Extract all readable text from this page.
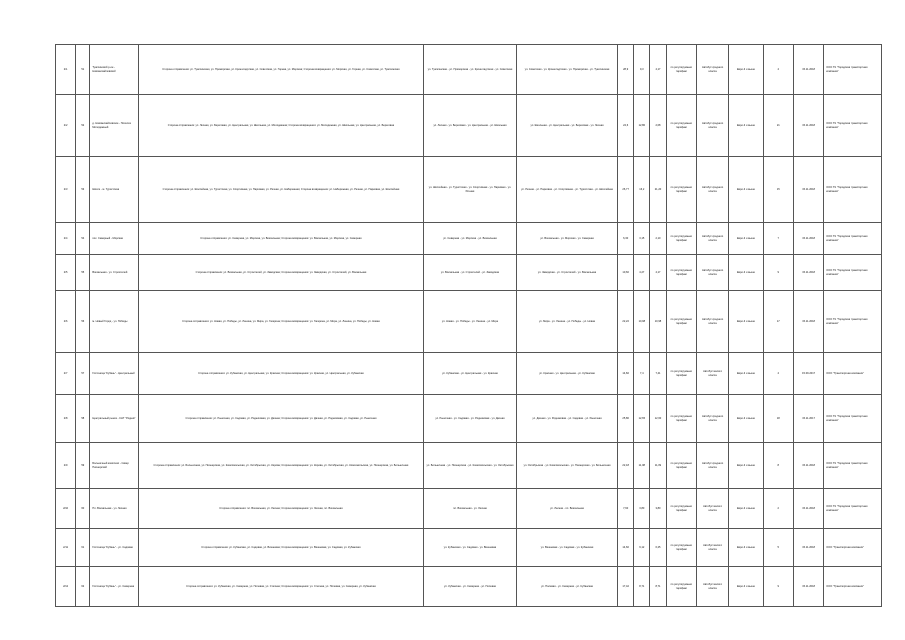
2/1	51	Туапсинский р-он - Новомихайловский	Сторона отправления: ул. Туапсинская, ул. Приморская, ул. Кронштадтская, ул. Советская, ул. Горная, ул. Морская; Сторона возвращения: ул. Морская, ул. Горная, ул. Советская, ул. Туапсинская	ул. Туапсинская - ул. Приморская - ул. Кронштадтская - ул. Советская	ул. Советская - ул. Кронштадтская - ул. Приморская - ул. Туапсинская	28,9	9,3	4,17	по регулируемым тарифам	Автобус среднего класса	Евро-3 и выше	4	15.11.2018	ООО ТК "Городская транспортная компания"
2/2	52	д. Новомихайловское - Поселок Молодежный	Сторона отправления: ул. Лесная, ул. Береговая, ул. Центральная, ул. Школьная, ул. Молодежная; Сторона возвращения: ул. Молодежная, ул. Школьная, ул. Центральная, ул. Береговая	ул. Лесная - ул. Береговая - ул. Центральная - ул. Школьная	ул. Школьная - ул. Центральная - ул. Береговая - ул. Лесная	24,6	12,80	2,08	по регулируемым тарифам	Автобус среднего класса	Евро-3 и выше	21	15.11.2018	ООО ТК "Городская транспортная компания"
2/3	53	Шоссе - м. Туристская	Сторона отправления: ул. Шоссейная, ул. Туристская, ул. Спортивная, ул. Парковая, ул. Речная, ул. Набережная; Сторона возвращения: ул. Набережная, ул. Речная, ул. Парковая, ул. Шоссейная	ул. Шоссейная - ул. Туристская - ул. Спортивная - ул. Парковая - ул. Речная	ул. Речная - ул. Парковая - ул. Спортивная - ул. Туристская - ул. Шоссейная	26,77	16,2	21,20	по регулируемым тарифам	Автобус среднего класса	Евро-3 и выше	15	15.11.2018	ООО ТК "Городская транспортная компания"
2/4	54	пос. Северный - Морская	Сторона отправления: ул. Северная, ул. Морская, ул. Вокзальная; Сторона возвращения: ул. Вокзальная, ул. Морская, ул. Северная	ул. Северная - ул. Морская - ул. Вокзальная	ул. Вокзальная - ул. Морская - ул. Северная	6,30	3,15	2,10	по регулируемым тарифам	Автобус среднего класса	Евро-3 и выше	7	15.11.2018	ООО ТК "Городская транспортная компания"
2/5	55	Вокзальная - ул. Строителей	Сторона отправления: ул. Вокзальная, ул. Строителей, ул. Заводская; Сторона возвращения: ул. Заводская, ул. Строителей, ул. Вокзальная	ул. Вокзальная - ул. Строителей - ул. Заводская	ул. Заводская - ул. Строителей - ул. Вокзальная	10,60	4,27	4,17	по регулируемым тарифам	Автобус среднего класса	Евро-3 и выше	9	15.11.2018	ООО ТК "Городская транспортная компания"
2/6	56	м. Новый Город - ул. Победы	Сторона отправления: ул. Новая, ул. Победы, ул. Ленина, ул. Мира, ул. Гагарина; Сторона возвращения: ул. Гагарина, ул. Мира, ул. Ленина, ул. Победы, ул. Новая	ул. Новая - ул. Победы - ул. Ленина - ул. Мира	ул. Мира - ул. Ленина - ул. Победы - ул. Новая	22,22	10,98	10,98	по регулируемым тарифам	Автобус среднего класса	Евро-3 и выше	17	15.11.2018	ООО ТК "Городская транспортная компания"
2/7	57	Гостиница "Кубань" - Центральный	Сторона отправления: ул. Кубанская, ул. Центральная, ул. Красная; Сторона возвращения: ул. Красная, ул. Центральная, ул. Кубанская	ул. Кубанская - ул. Центральная - ул. Красная	ул. Красная - ул. Центральная - ул. Кубанская	14,82	7,4	7,41	по регулируемым тарифам	Автобус малого класса	Евро-3 и выше	4	15.09.2017	ООО "Транспортная компания"
2/8	58	Центральный рынок - СНТ "Родник"	Сторона отправления: ул. Рыночная, ул. Садовая, ул. Родниковая, ул. Дачная; Сторона возвращения: ул. Дачная, ул. Родниковая, ул. Садовая, ул. Рыночная	ул. Рыночная - ул. Садовая - ул. Родниковая - ул. Дачная	ул. Дачная - ул. Родниковая - ул. Садовая - ул. Рыночная	25,80	12,65	12,60	по регулируемым тарифам	Автобус среднего класса	Евро-3 и выше	18	15.11.2017	ООО ТК "Городская транспортная компания"
2/9	59	Больничный комплекс - Сквер Пионерский	Сторона отправления: ул. Больничная, ул. Пионерская, ул. Комсомольская, ул. Октябрьская, ул. Кирова; Сторона возвращения: ул. Кирова, ул. Октябрьская, ул. Комсомольская, ул. Пионерская, ул. Больничная	ул. Больничная - ул. Пионерская - ул. Комсомольская - ул. Октябрьская	ул. Октябрьская - ул. Комсомольская - ул. Пионерская - ул. Больничная	22,18	11,08	11,09	по регулируемым тарифам	Автобус среднего класса	Евро-3 и выше	8	15.11.2018	ООО ТК "Городская транспортная компания"
2/10	60	Пл. Вокзальная - ул. Лесная	Сторона отправления: пл. Вокзальная, ул. Лесная; Сторона возвращения: ул. Лесная, пл. Вокзальная	пл. Вокзальная - ул. Лесная	ул. Лесная - пл. Вокзальная	7,60	3,80	3,80	по регулируемым тарифам	Автобус малого класса	Евро-3 и выше	2	15.11.2018	ООО ТК "Городская транспортная компания"
2/11	61	Гостиница "Кубань" - ул. Садовая	Сторона отправления: ул. Кубанская, ул. Садовая, ул. Вишневая; Сторона возвращения: ул. Вишневая, ул. Садовая, ул. Кубанская	ул. Кубанская - ул. Садовая - ул. Вишневая	ул. Вишневая - ул. Садовая - ул. Кубанская	14,60	9,12	6,25	по регулируемым тарифам	Автобус малого класса	Евро-3 и выше	5	15.11.2018	ООО "Транспортная компания"
2/12	62	Гостиница "Кубань" - ул. Северная	Сторона отправления: ул. Кубанская, ул. Северная, ул. Полевая, ул. Степная; Сторона возвращения: ул. Степная, ул. Полевая, ул. Северная, ул. Кубанская	ул. Кубанская - ул. Северная - ул. Полевая	ул. Полевая - ул. Северная - ул. Кубанская	17,42	8,71	8,71	по регулируемым тарифам	Автобус малого класса	Евро-3 и выше	9	15.11.2018	ООО "Транспортная компания"
